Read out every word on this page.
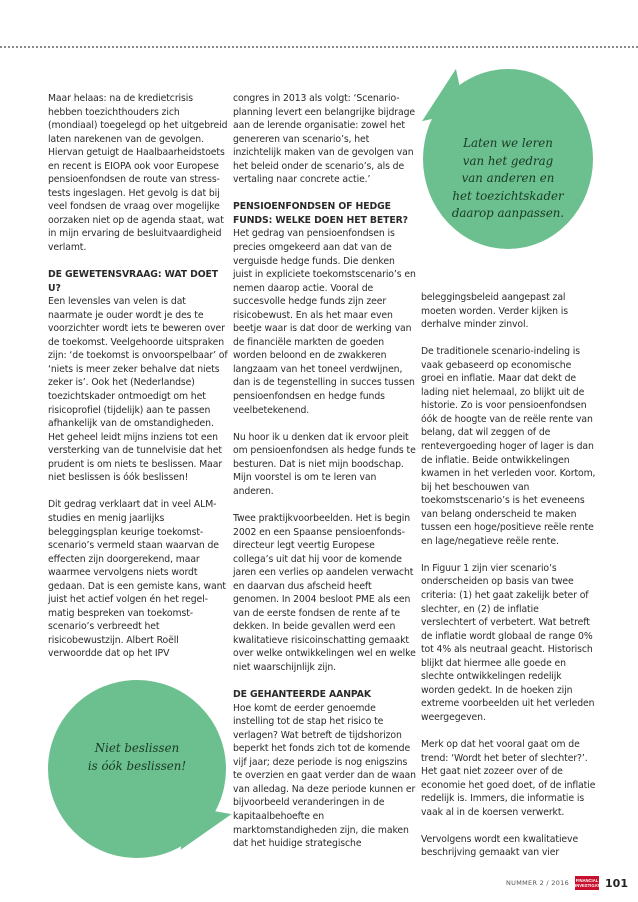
Maar helaas: na de kredietcrisis hebben toezichthouders zich (mondiaal) toegelegd op het uitgebreid laten narekenen van de gevolgen. Hiervan getuigt de Haalbaarheidstoets en recent is EIOPA ook voor Europese pensioenfondsen de route van stress-tests ingeslagen. Het gevolg is dat bij veel fondsen de vraag over mogelijke oorzaken niet op de agenda staat, wat in mijn ervaring de besluitvaardigheid verlamt.

DE GEWETENSVRAAG: WAT DOET U?

Een levensles van velen is dat naarmate je ouder wordt je des te voorzichter wordt iets te beweren over de toekomst. Veelgehoorde uitspraken zijn: ‘de toekomst is onvoorspelbaar’ of ‘niets is meer zeker behalve dat niets zeker is’. Ook het (Nederlandse) toezichtskader ontmoedigt om het risicoprofiel (tijdelijk) aan te passen afhankelijk van de omstandigheden. Het geheel leidt mijns inziens tot een versterking van de tunnelvisie dat het prudent is om niets te beslissen. Maar niet beslissen is óók beslissen!

Dit gedrag verklaart dat in veel ALM-studies en menig jaarlijks beleggingsplan keurige toekomst-scenario’s vermeld staan waarvan de effecten zijn doorgerekend, maar waarmee vervolgens niets wordt gedaan. Dat is een gemiste kans, want juist het actief volgen én het regel-matig bespreken van toekomst-scenario’s verbreedt het risicobewustzijn. Albert Roëll verwoordde dat op het IPV

congres in 2013 als volgt: ‘Scenario-planning levert een belangrijke bijdrage aan de lerende organisatie: zowel het genereren van scenario’s, het inzichtelijk maken van de gevolgen van het beleid onder de scenario’s, als de vertaling naar concrete actie.’

PENSIOENFONDSEN OF HEDGE FUNDS: WELKE DOEN HET BETER?

Het gedrag van pensioenfondsen is precies omgekeerd aan dat van de verguisde hedge funds. Die denken juist in expliciete toekomstscenario’s en nemen daarop actie. Vooral de succesvolle hedge funds zijn zeer risicobewust. En als het maar even beetje waar is dat door de werking van de financiële markten de goeden worden beloond en de zwakkeren langzaam van het toneel verdwijnen, dan is de tegenstelling in succes tussen pensioenfondsen en hedge funds veelbetekenend.

Nu hoor ik u denken dat ik ervoor pleit om pensioenfondsen als hedge funds te besturen. Dat is niet mijn boodschap. Mijn voorstel is om te leren van anderen.

Twee praktijkvoorbeelden. Het is begin 2002 en een Spaanse pensioenfonds-directeur legt veertig Europese collega’s uit dat hij voor de komende jaren een verlies op aandelen verwacht en daarvan dus afscheid heeft genomen. In 2004 besloot PME als een van de eerste fondsen de rente af te dekken. In beide gevallen werd een kwalitatieve risicoinschatting gemaakt over welke ontwikkelingen wel en welke niet waarschijnlijk zijn.

DE GEHANTEERDE AANPAK

Hoe komt de eerder genoemde instelling tot de stap het risico te verlagen? Wat betreft de tijdshorizon beperkt het fonds zich tot de komende vijf jaar; deze periode is nog enigszins te overzien en gaat verder dan de waan van alledag. Na deze periode kunnen er bijvoorbeeld veranderingen in de kapitaalbehoefte en marktomstandigheden zijn, die maken dat het huidige strategische

beleggingsbeleid aangepast zal moeten worden. Verder kijken is derhalve minder zinvol.

De traditionele scenario-indeling is vaak gebaseerd op economische groei en inflatie. Maar dat dekt de lading niet helemaal, zo blijkt uit de historie. Zo is voor pensioenfondsen óók de hoogte van de reële rente van belang, dat wil zeggen of de rentevergoeding hoger of lager is dan de inflatie. Beide ontwikkelingen kwamen in het verleden voor. Kortom, bij het beschouwen van toekomstscenario’s is het eveneens van belang onderscheid te maken tussen een hoge/positieve reële rente en lage/negatieve reële rente.

In Figuur 1 zijn vier scenario’s onderscheiden op basis van twee criteria: (1) het gaat zakelijk beter of slechter, en (2) de inflatie verslechtert of verbetert. Wat betreft de inflatie wordt globaal de range 0% tot 4% als neutraal geacht. Historisch blijkt dat hiermee alle goede en slechte ontwikkelingen redelijk worden gedekt. In de hoeken zijn extreme voorbeelden uit het verleden weergegeven.

Merk op dat het vooral gaat om de trend: ‘Wordt het beter of slechter?’. Het gaat niet zozeer over of de economie het goed doet, of de inflatie redelijk is. Immers, die informatie is vaak al in de koersen verwerkt.

Vervolgens wordt een kwalitatieve beschrijving gemaakt van vier

Laten we leren
van het gedrag
van anderen en
het toezichtskader
daarop aanpassen.
Niet beslissen
is óók beslissen!
NUMMER 2 / 2016 FINANCIAL
INVESTIGATOR
101
